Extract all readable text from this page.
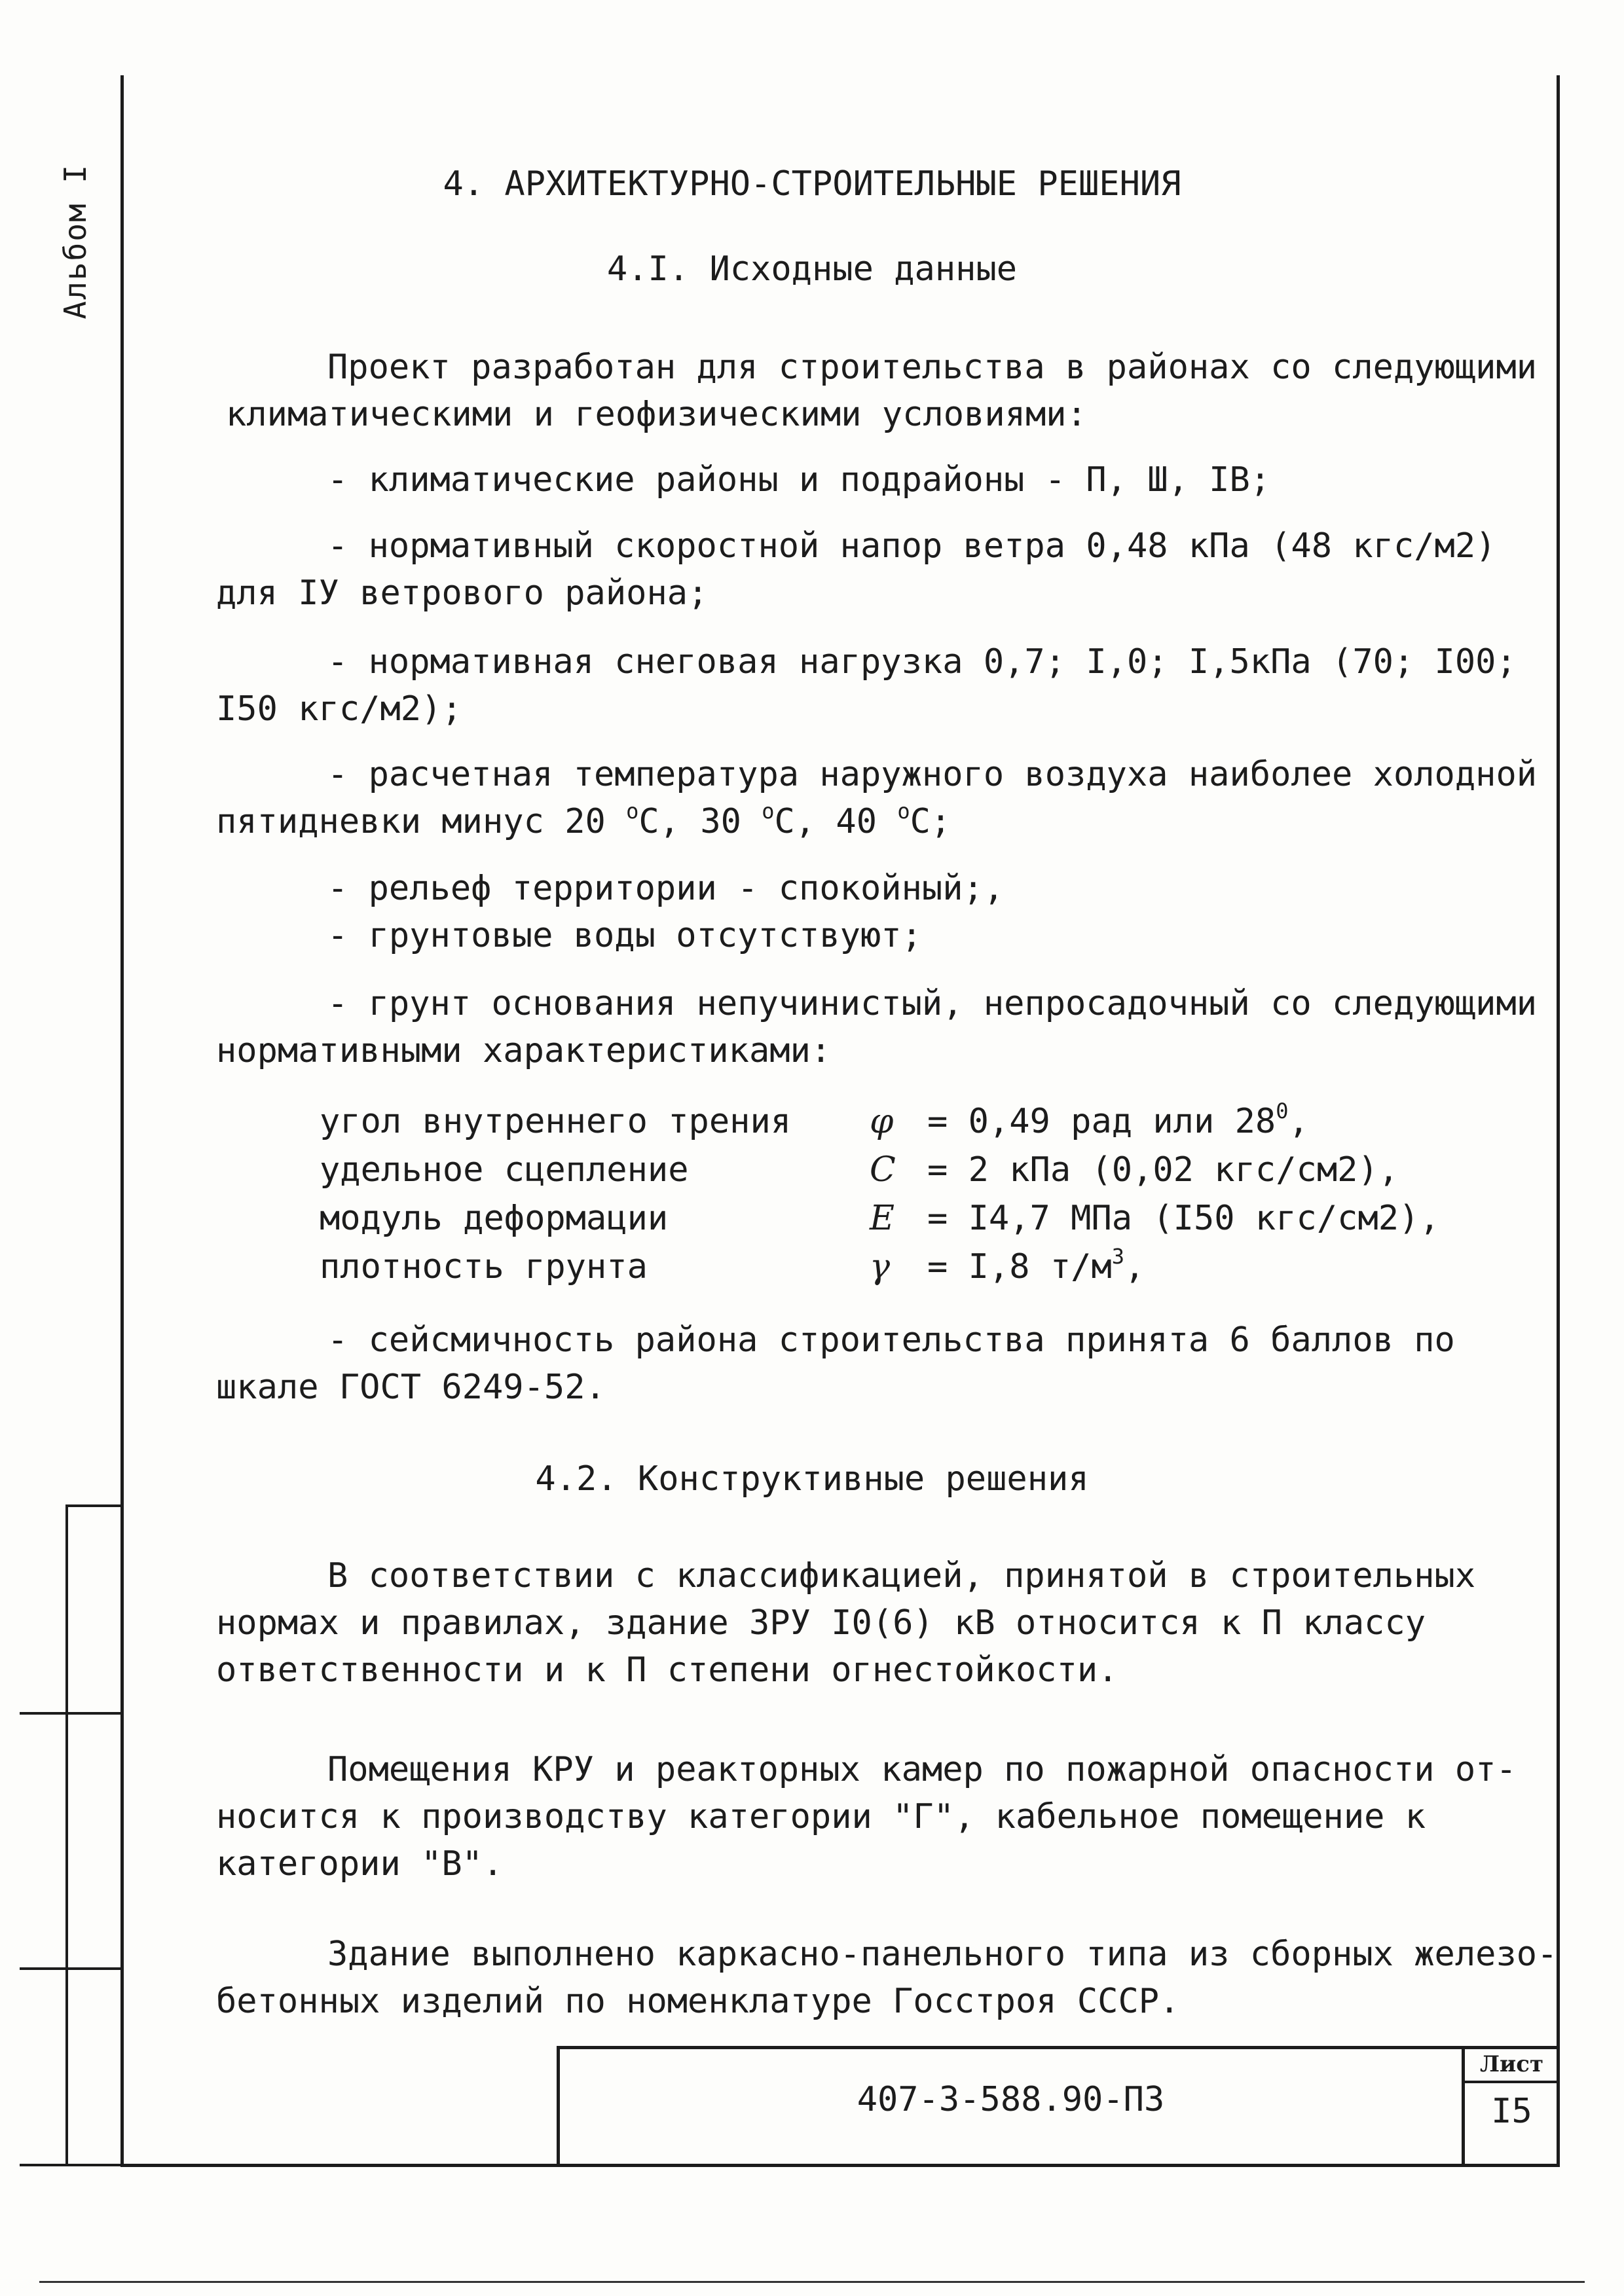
Альбом I	4. АРХИТЕКТУРНО-СТРОИТЕЛЬНЫЕ РЕШЕНИЯ
4.I. Исходные данные
Проект разработан для строительства в районах со следующими
климатическими и геофизическими условиями:
- климатические районы и подрайоны - П, Ш, IВ;
- нормативный скоростной напор ветра 0,48 кПа (48 кгс/м2)
для IУ ветрового района;
- нормативная снеговая нагрузка 0,7; I,0; I,5кПа (70; I00;
I50 кгс/м2);
- расчетная температура наружного воздуха наиболее холодной
пятидневки минус 20 $^о$С, 30 $^о$С, 40 $^о$С;
- рельеф территории - спокойный;,
- грунтовые воды отсутствуют;
- грунт основания непучинистый, непросадочный со следующими
нормативными характеристиками:
угол внутреннего трения	φ = 0,49 рад или $28^0$,
удельное сцепление	C = 2 кПа (0,02 кгс/см2),
модуль деформации	E = I4,7 МПа (I50 кгс/см2),
плотность грунта	γ	= I,8 $т/м^3$,
- сейсмичность района строительства принята 6 баллов по
шкале ГОСТ 6249-52.
4.2. Конструктивные решения
В соответствии с классификацией, принятой в строительных
нормах и правилах, здание ЗРУ I0(6) кВ относится к П классу
ответственности и к П степени огнестойкости.
Помещения КРУ и реакторных камер по пожарной опасности от-
носится к производству категории "Г", кабельное помещение к
категории "В".
Здание выполнено каркасно-панельного типа из сборных железо-
бетонных изделий по номенклатуре Госстроя СССР.
407-3-588.90-ПЗ
Лист
I5
